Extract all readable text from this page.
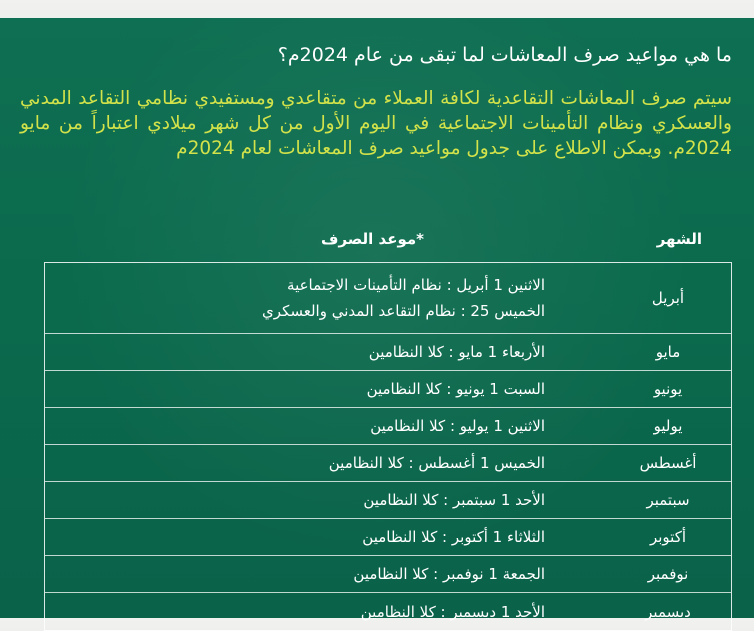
ما هي مواعيد صرف المعاشات لما تبقى من عام 2024م؟
سيتم صرف المعاشات التقاعدية لكافة العملاء من متقاعدي ومستفيدي نظامي التقاعد المدني والعسكري ونظام التأمينات الاجتماعية في اليوم الأول من كل شهر ميلادي اعتباراً من مايو 2024م. ويمكن الاطلاع على جدول مواعيد صرف المعاشات لعام 2024م
الشهر
*موعد الصرف
أبريل
الاثنين 1 أبريل : نظام التأمينات الاجتماعية
الخميس 25 : نظام التقاعد المدني والعسكري
مايو
الأربعاء 1 مايو : كلا النظامين
يونيو
السبت 1 يونيو : كلا النظامين
يوليو
الاثنين 1 يوليو : كلا النظامين
أغسطس
الخميس 1 أغسطس : كلا النظامين
سبتمبر
الأحد 1 سبتمبر : كلا النظامين
أكتوبر
الثلاثاء 1 أكتوبر : كلا النظامين
نوفمبر
الجمعة 1 نوفمبر : كلا النظامين
ديسمبر
الأحد 1 ديسمبر : كلا النظامين
